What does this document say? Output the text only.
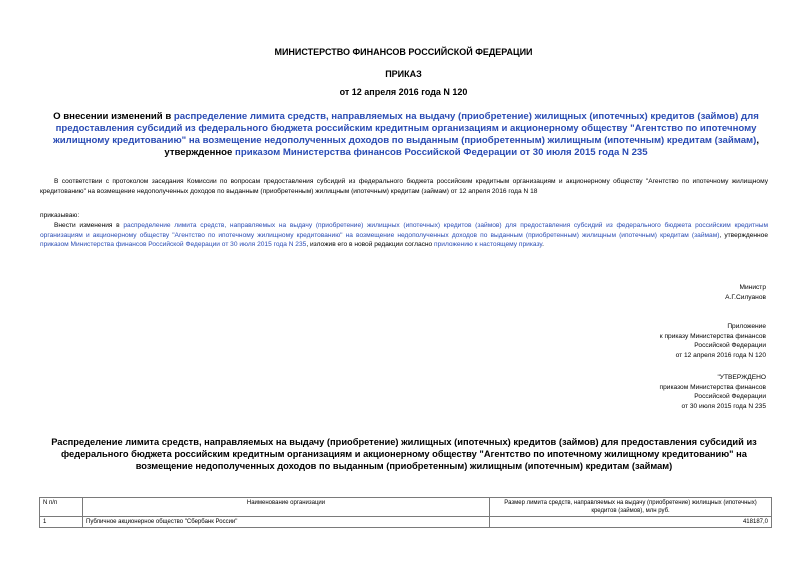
МИНИСТЕРСТВО ФИНАНСОВ РОССИЙСКОЙ ФЕДЕРАЦИИ
ПРИКАЗ
от 12 апреля 2016 года N 120
О внесении изменений в распределение лимита средств, направляемых на выдачу (приобретение) жилищных (ипотечных) кредитов (займов) для предоставления субсидий из федерального бюджета российским кредитным организациям и акционерному обществу "Агентство по ипотечному жилищному кредитованию" на возмещение недополученных доходов по выданным (приобретенным) жилищным (ипотечным) кредитам (займам), утвержденное приказом Министерства финансов Российской Федерации от 30 июля 2015 года N 235
В соответствии с протоколом заседания Комиссии по вопросам предоставления субсидий из федерального бюджета российским кредитным организациям и акционерному обществу "Агентство по ипотечному жилищному кредитованию" на возмещение недополученных доходов по выданным (приобретенным) жилищным (ипотечным) кредитам (займам) от 12 апреля 2016 года N 18
приказываю:
Внести изменения в распределение лимита средств, направляемых на выдачу (приобретение) жилищных (ипотечных) кредитов (займов) для предоставления субсидий из федерального бюджета российским кредитным организациям и акционерному обществу "Агентство по ипотечному жилищному кредитованию" на возмещение недополученных доходов по выданным (приобретенным) жилищным (ипотечным) кредитам (займам), утвержденное приказом Министерства финансов Российской Федерации от 30 июля 2015 года N 235, изложив его в новой редакции согласно приложению к настоящему приказу.
Министр
А.Г.Силуанов
Приложение
к приказу Министерства финансов
Российской Федерации
от 12 апреля 2016 года N 120
"УТВЕРЖДЕНО
приказом Министерства финансов
Российской Федерации
от 30 июля 2015 года N 235
Распределение лимита средств, направляемых на выдачу (приобретение) жилищных (ипотечных) кредитов (займов) для предоставления субсидий из федерального бюджета российским кредитным организациям и акционерному обществу "Агентство по ипотечному жилищному кредитованию" на возмещение недополученных доходов по выданным (приобретенным) жилищным (ипотечным) кредитам (займам)
N п/п	Наименование организации	Размер лимита средств, направляемых на выдачу (приобретение) жилищных (ипотечных) кредитов (займов), млн руб.
1	Публичное акционерное общество "Сбербанк России"	418187,0
